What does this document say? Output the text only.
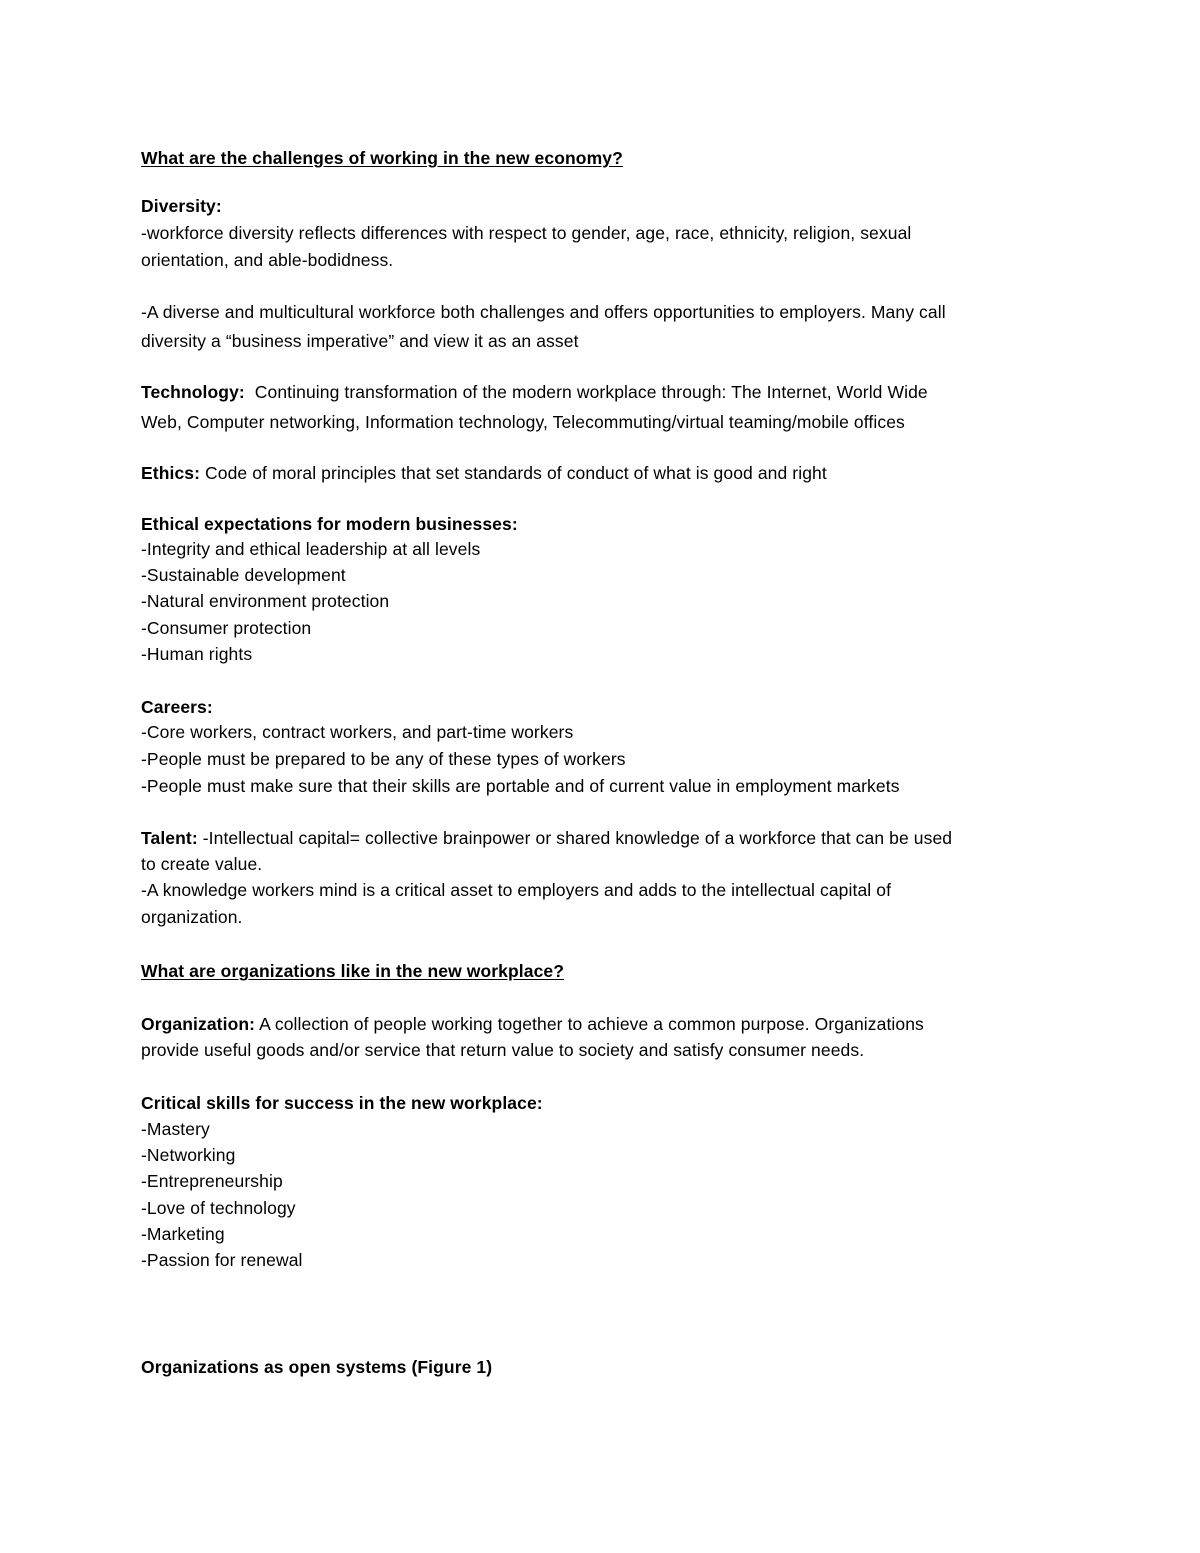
What are the challenges of working in the new economy?
Diversity:
-workforce diversity reflects differences with respect to gender, age, race, ethnicity, religion, sexual
orientation, and able-bodidness.
-A diverse and multicultural workforce both challenges and offers opportunities to employers. Many call
diversity a “business imperative” and view it as an asset
Technology:  Continuing transformation of the modern workplace through: The Internet, World Wide
Web, Computer networking, Information technology, Telecommuting/virtual teaming/mobile offices
Ethics: Code of moral principles that set standards of conduct of what is good and right
Ethical expectations for modern businesses:
-Integrity and ethical leadership at all levels
-Sustainable development
-Natural environment protection
-Consumer protection
-Human rights
Careers:
-Core workers, contract workers, and part-time workers
-People must be prepared to be any of these types of workers
-People must make sure that their skills are portable and of current value in employment markets
Talent: -Intellectual capital= collective brainpower or shared knowledge of a workforce that can be used
to create value.
-A knowledge workers mind is a critical asset to employers and adds to the intellectual capital of
organization.
What are organizations like in the new workplace?
Organization: A collection of people working together to achieve a common purpose. Organizations
provide useful goods and/or service that return value to society and satisfy consumer needs.
Critical skills for success in the new workplace:
-Mastery
-Networking
-Entrepreneurship
-Love of technology
-Marketing
-Passion for renewal
Organizations as open systems (Figure 1)
